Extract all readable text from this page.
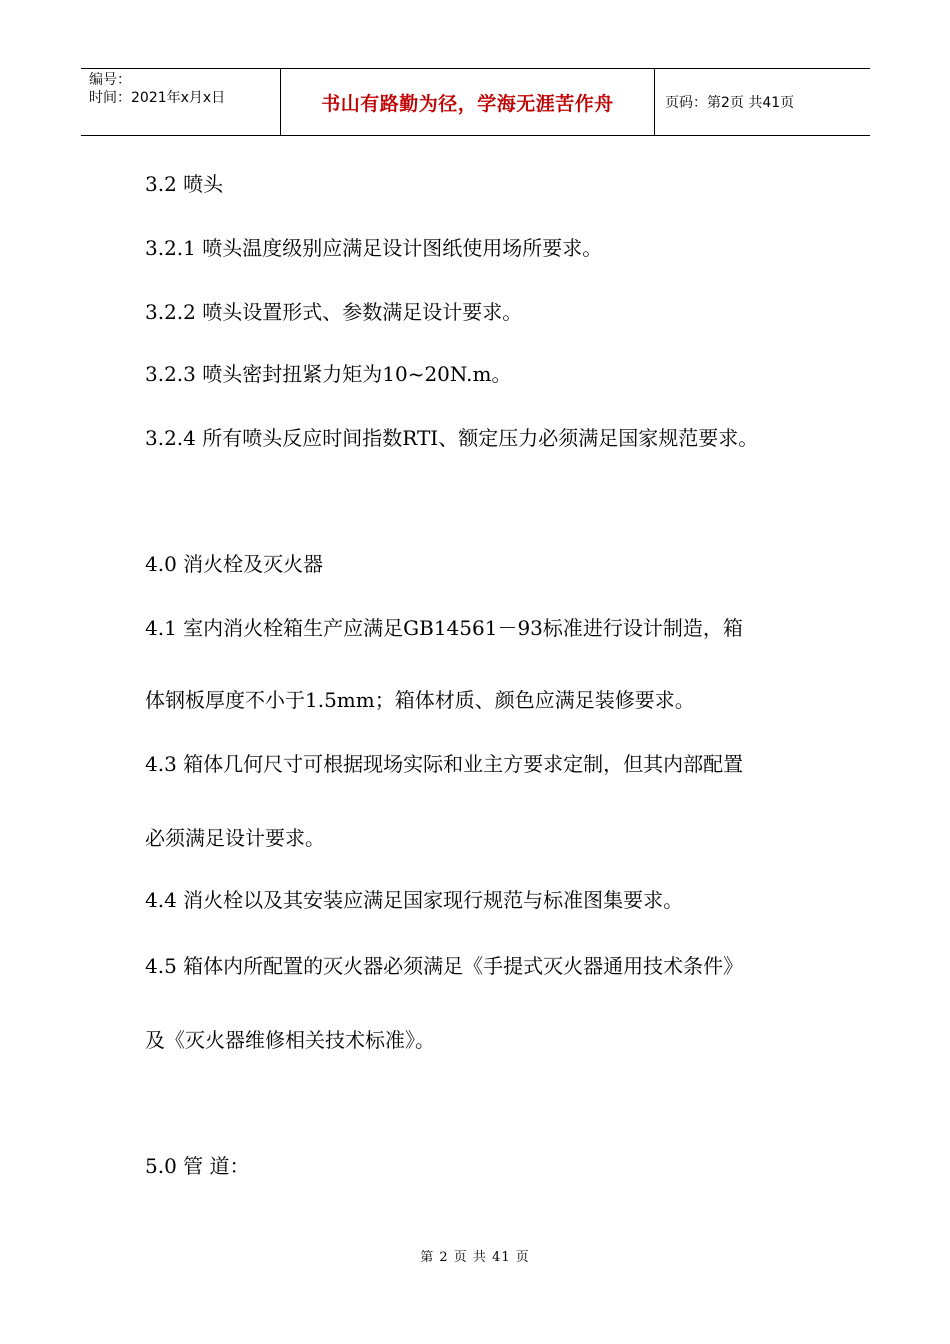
编号：
时间：2021年x月x日	书山有路勤为径，学海无涯苦作舟	页码：第2页 共41页
3.2 喷头
3.2.1 喷头温度级别应满足设计图纸使用场所要求。
3.2.2 喷头设置形式、参数满足设计要求。
3.2.3 喷头密封扭紧力矩为10~20N.m。
3.2.4 所有喷头反应时间指数RTI、额定压力必须满足国家规范要求。
4.0 消火栓及灭火器
4.1 室内消火栓箱生产应满足GB14561－93标准进行设计制造，箱
体钢板厚度不小于1.5mm；箱体材质、颜色应满足装修要求。
4.3 箱体几何尺寸可根据现场实际和业主方要求定制，但其内部配置
必须满足设计要求。
4.4 消火栓以及其安装应满足国家现行规范与标准图集要求。
4.5 箱体内所配置的灭火器必须满足《手提式灭火器通用技术条件》
及《灭火器维修相关技术标准》。
5.0 管 道：
第 2 页 共 41 页
